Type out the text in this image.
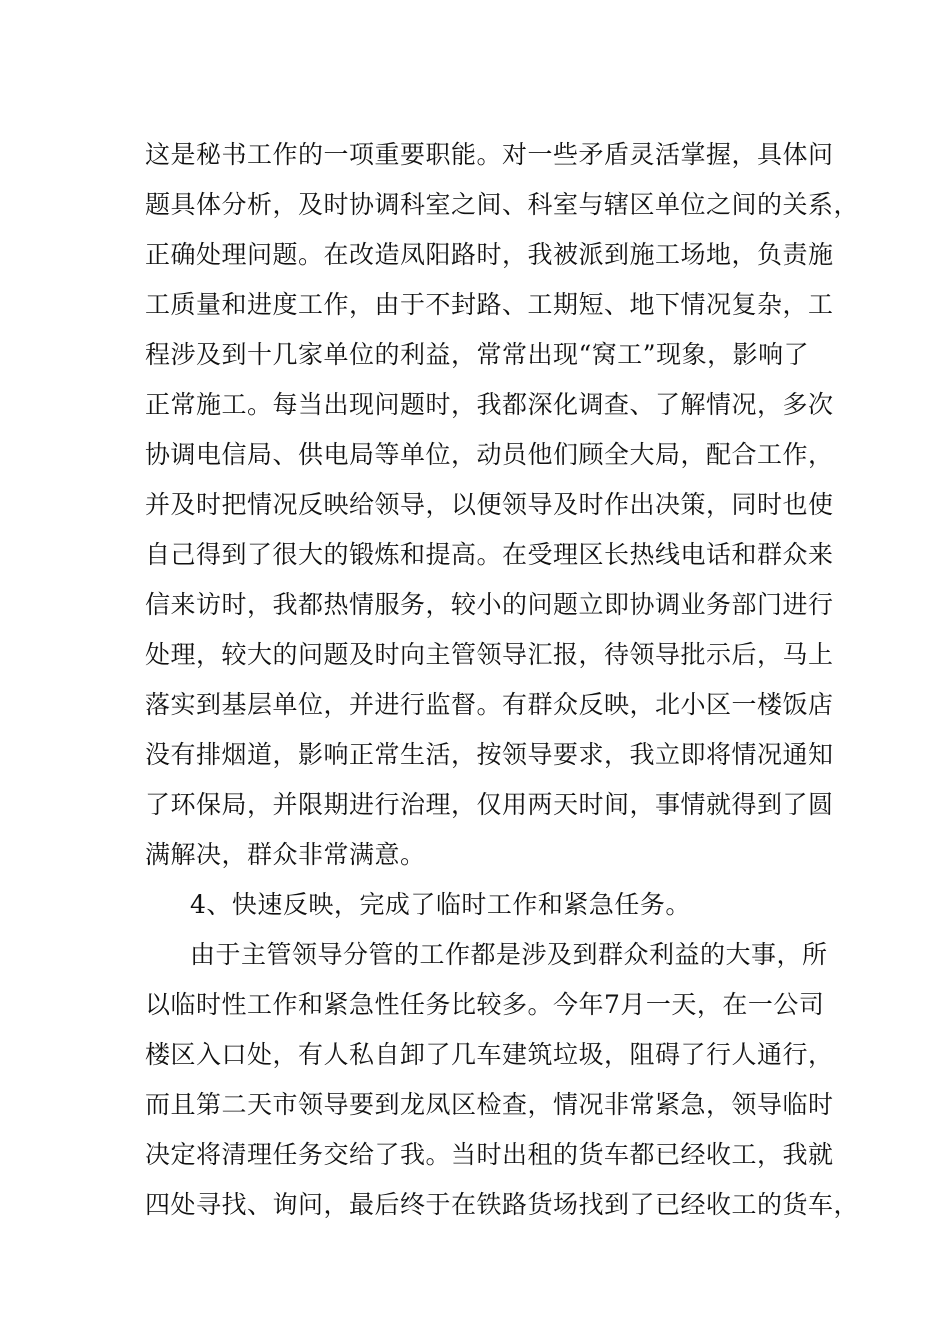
这是秘书工作的一项重要职能。对一些矛盾灵活掌握，具体问
题具体分析，及时协调科室之间、科室与辖区单位之间的关系，
正确处理问题。在改造凤阳路时，我被派到施工场地，负责施
工质量和进度工作，由于不封路、工期短、地下情况复杂，工
程涉及到十几家单位的利益，常常出现“窝工”现象，影响了
正常施工。每当出现问题时，我都深化调查、了解情况，多次
协调电信局、供电局等单位，动员他们顾全大局，配合工作，
并及时把情况反映给领导，以便领导及时作出决策，同时也使
自己得到了很大的锻炼和提高。在受理区长热线电话和群众来
信来访时，我都热情服务，较小的问题立即协调业务部门进行
处理，较大的问题及时向主管领导汇报，待领导批示后，马上
落实到基层单位，并进行监督。有群众反映，北小区一楼饭店
没有排烟道，影响正常生活，按领导要求，我立即将情况通知
了环保局，并限期进行治理，仅用两天时间，事情就得到了圆
满解决，群众非常满意。
4、快速反映，完成了临时工作和紧急任务。
由于主管领导分管的工作都是涉及到群众利益的大事，所
以临时性工作和紧急性任务比较多。今年7月一天，在一公司
楼区入口处，有人私自卸了几车建筑垃圾，阻碍了行人通行，
而且第二天市领导要到龙凤区检查，情况非常紧急，领导临时
决定将清理任务交给了我。当时出租的货车都已经收工，我就
四处寻找、询问，最后终于在铁路货场找到了已经收工的货车，
